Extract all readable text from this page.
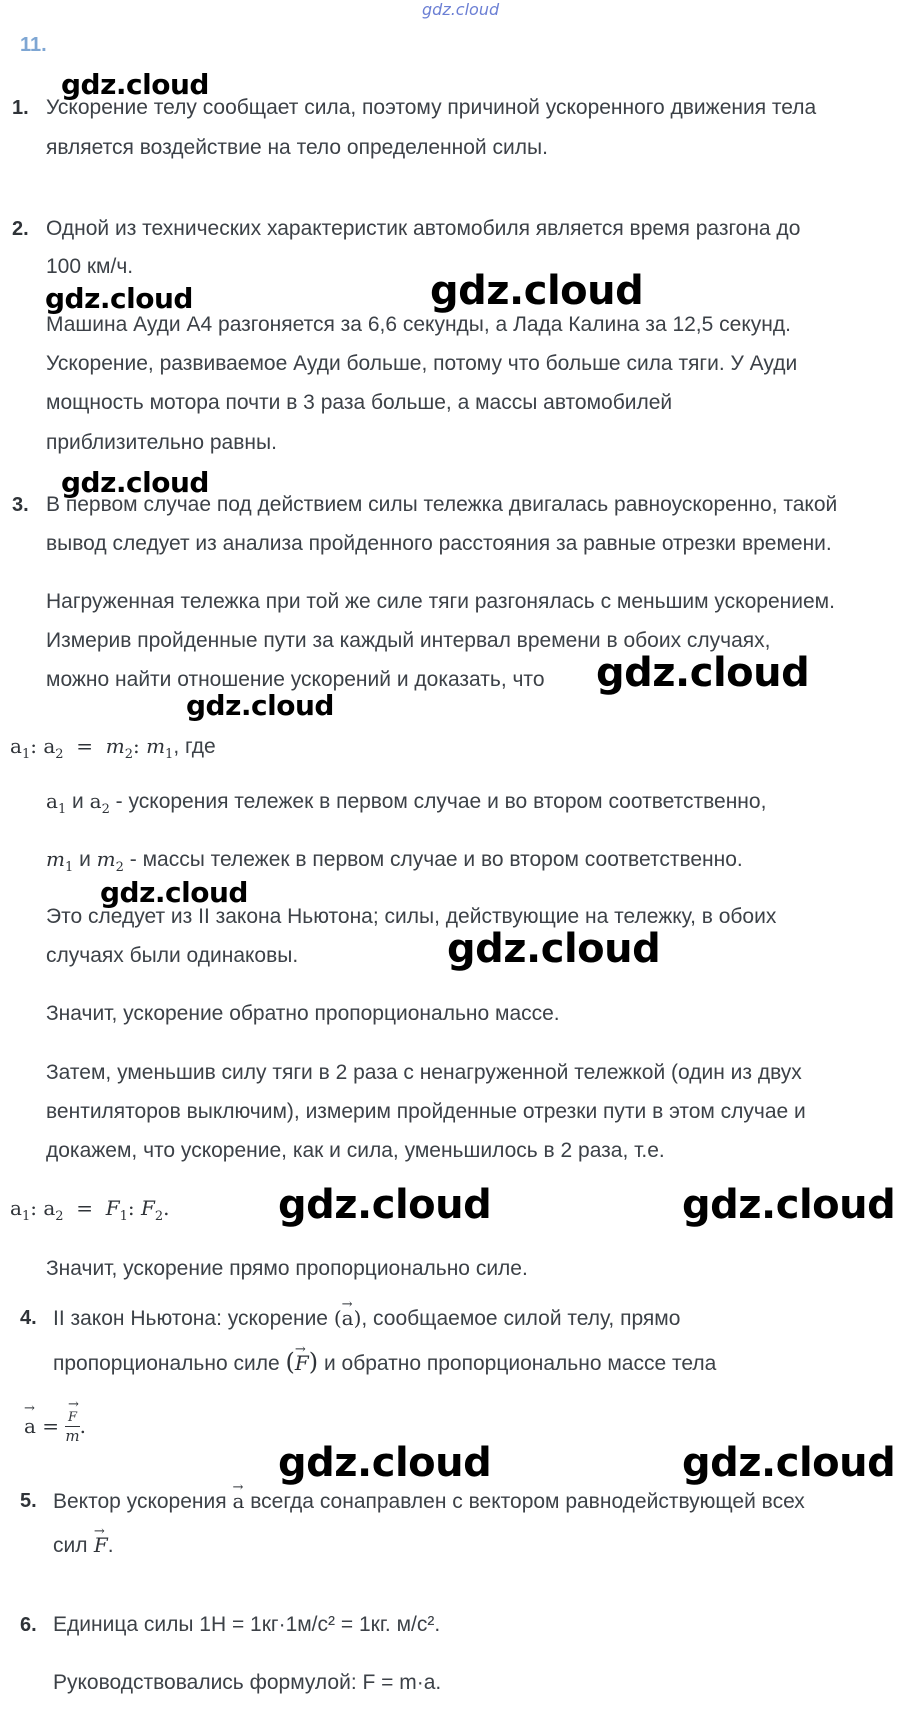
gdz.cloud
11.
gdz.cloud
gdz.cloud	gdz.cloud
gdz.cloud
gdz.cloud
gdz.cloud
gdz.cloud
gdz.cloud
gdz.cloud	gdz.cloud
gdz.cloud	gdz.cloud
1. Ускорение телу сообщает сила, поэтому причиной ускоренного движения тела
является воздействие на тело определенной силы.
2. Одной из технических характеристик автомобиля является время разгона до
100 км/ч.
Машина Ауди А4 разгоняется за 6,6 секунды, а Лада Калина за 12,5 секунд.
Ускорение, развиваемое Ауди больше, потому что больше сила тяги. У Ауди
мощность мотора почти в 3 раза больше, а массы автомобилей
приблизительно равны.
3. В первом случае под действием силы тележка двигалась равноускоренно, такой
вывод следует из анализа пройденного расстояния за равные отрезки времени.
Нагруженная тележка при той же силе тяги разгонялась с меньшим ускорением.
Измерив пройденные пути за каждый интервал времени в обоих случаях,
можно найти отношение ускорений и доказать, что
$a_1$: $a_2 = m_2$: $m_1$, где
$a_1$ и $a_2$ - ускорения тележек в первом случае и во втором соответственно,
$m_1$ и $m_2$ - массы тележек в первом случае и во втором соответственно.
Это следует из II закона Ньютона; силы, действующие на тележку, в обоих
случаях были одинаковы.
Значит, ускорение обратно пропорционально массе.
Затем, уменьшив силу тяги в 2 раза с ненагруженной тележкой (один из двух
вентиляторов выключим), измерим пройденные отрезки пути в этом случае и
докажем, что ускорение, как и сила, уменьшилось в 2 раза, т.е.
$a_1$: $a_2 = F_1$: $F_2$.
Значит, ускорение прямо пропорционально силе.
4. II закон Ньютона: ускорение (→ a), сообщаемое силой телу, прямо
пропорционально силе (→ F) и обратно пропорционально массе тела
→ a = → $\frac{F}{m}$ .
5. Вектор ускорения → a всегда сонаправлен с вектором равнодействующей всех
сил → F.
6. Единица силы 1Н = 1кг·1м/с² = 1кг. м/с².
Руководствовались формулой: F = m·a.
